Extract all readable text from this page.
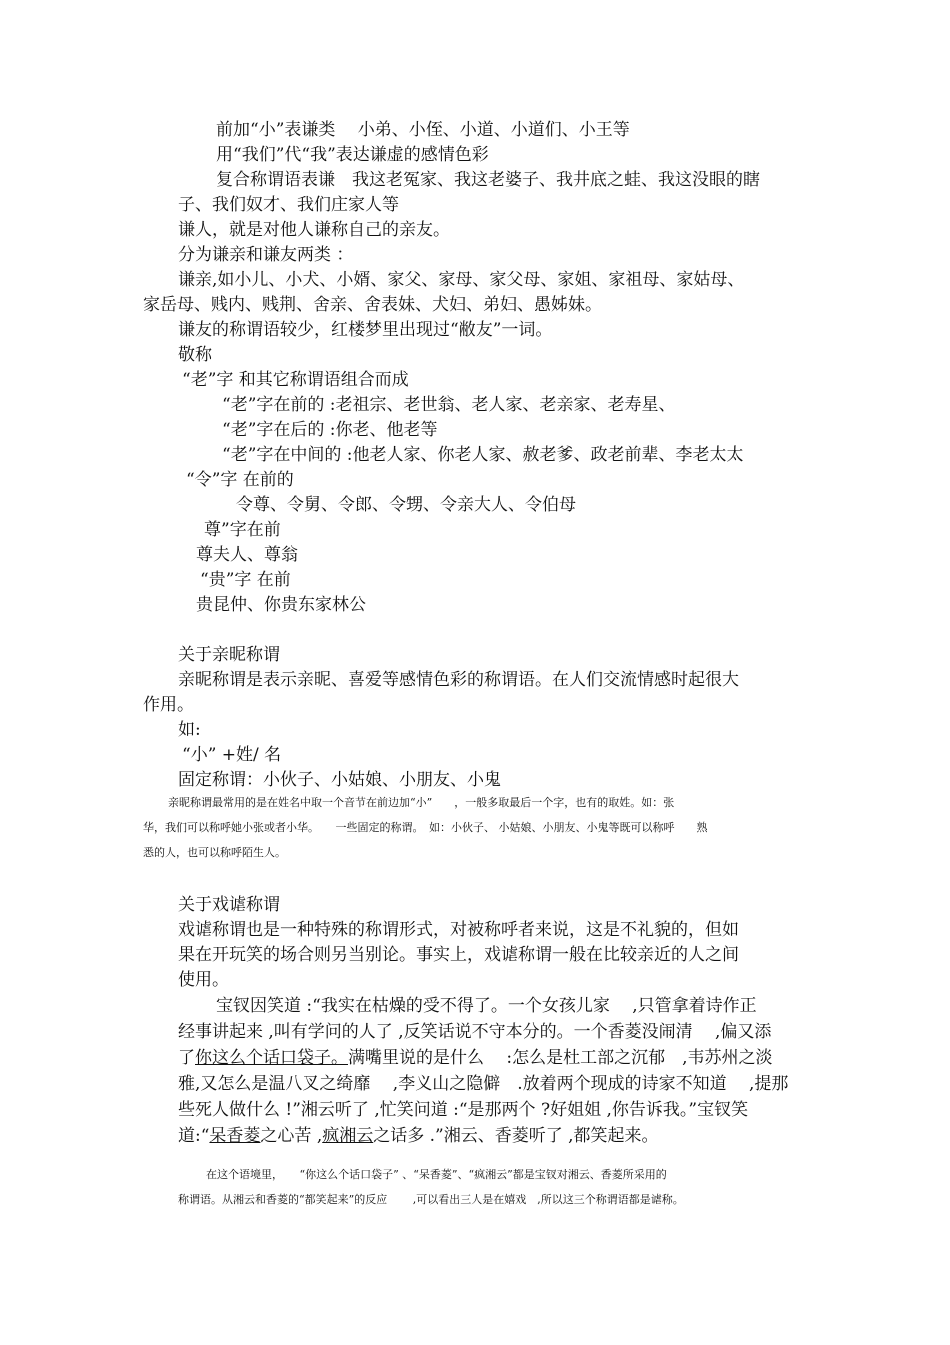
前加“小”表谦类　 小弟、小侄、小道、小道们、小王等
用“我们”代“我”表达谦虚的感情色彩
复合称谓语表谦　我这老冤家、我这老婆子、我井底之蛙、我这没眼的瞎
子、我们奴才、我们庄家人等
谦人，就是对他人谦称自己的亲友。
分为谦亲和谦友两类 ：
谦亲,如小儿、小犬、小婿、家父、家母、家父母、家姐、家祖母、家姑母、
家岳母、贱内、贱荆、舍亲、舍表妹、犬妇、弟妇、愚姊妹。
谦友的称谓语较少，红楼梦里出现过“敝友”一词。
敬称
“老”字 和其它称谓语组合而成
“老”字在前的 :老祖宗、老世翁、老人家、老亲家、老寿星、
“老”字在后的 :你老、他老等
“老”字在中间的 :他老人家、你老人家、赦老爹、政老前辈、李老太太
“令”字 在前的
令尊、令舅、令郎、令甥、令亲大人、令伯母
尊”字在前
尊夫人、尊翁
“贵”字 在前
贵昆仲、你贵东家林公
关于亲昵称谓
亲昵称谓是表示亲昵、喜爱等感情色彩的称谓语。在人们交流情感时起很大
作用。
如:
“小” +姓/ 名
固定称谓：小伙子、小姑娘、小朋友、小鬼
亲昵称谓最常用的是在姓名中取一个音节在前边加“小”　　，一般多取最后一个字，也有的取姓。如：张
华，我们可以称呼她小张或者小华。　　一些固定的称谓。　如：小伙子、 小姑娘、小朋友、小鬼等既可以称呼　　熟
悉的人，也可以称呼陌生人。
关于戏谑称谓
戏谑称谓也是一种特殊的称谓形式，对被称呼者来说，这是不礼貌的，但如
果在开玩笑的场合则另当别论。事实上，戏谑称谓一般在比较亲近的人之间
使用。
宝钗因笑道 :“我实在枯燥的受不得了。一个女孩儿家　 ,只管拿着诗作正
经事讲起来 ,叫有学问的人了 ,反笑话说不守本分的。一个香菱没闹清　 ,偏又添
了你这么个话口袋子。满嘴里说的是什么　 :怎么是杜工部之沉郁　,韦苏州之淡
雅,又怎么是温八叉之绮靡　 ,李义山之隐僻　.放着两个现成的诗家不知道　 ,提那
些死人做什么 !”湘云听了 ,忙笑问道 :“是那两个 ?好姐姐 ,你告诉我。”宝钗笑
道:“呆香菱之心苦 ,疯湘云之话多 .”湘云、香菱听了 ,都笑起来。
在这个语境里，　　“你这么个话口袋子” 、“呆香菱”、“疯湘云”都是宝钗对湘云、香菱所采用的
称谓语。从湘云和香菱的“都笑起来”的反应　　 ,可以看出三人是在嬉戏　,所以这三个称谓语都是谑称。
